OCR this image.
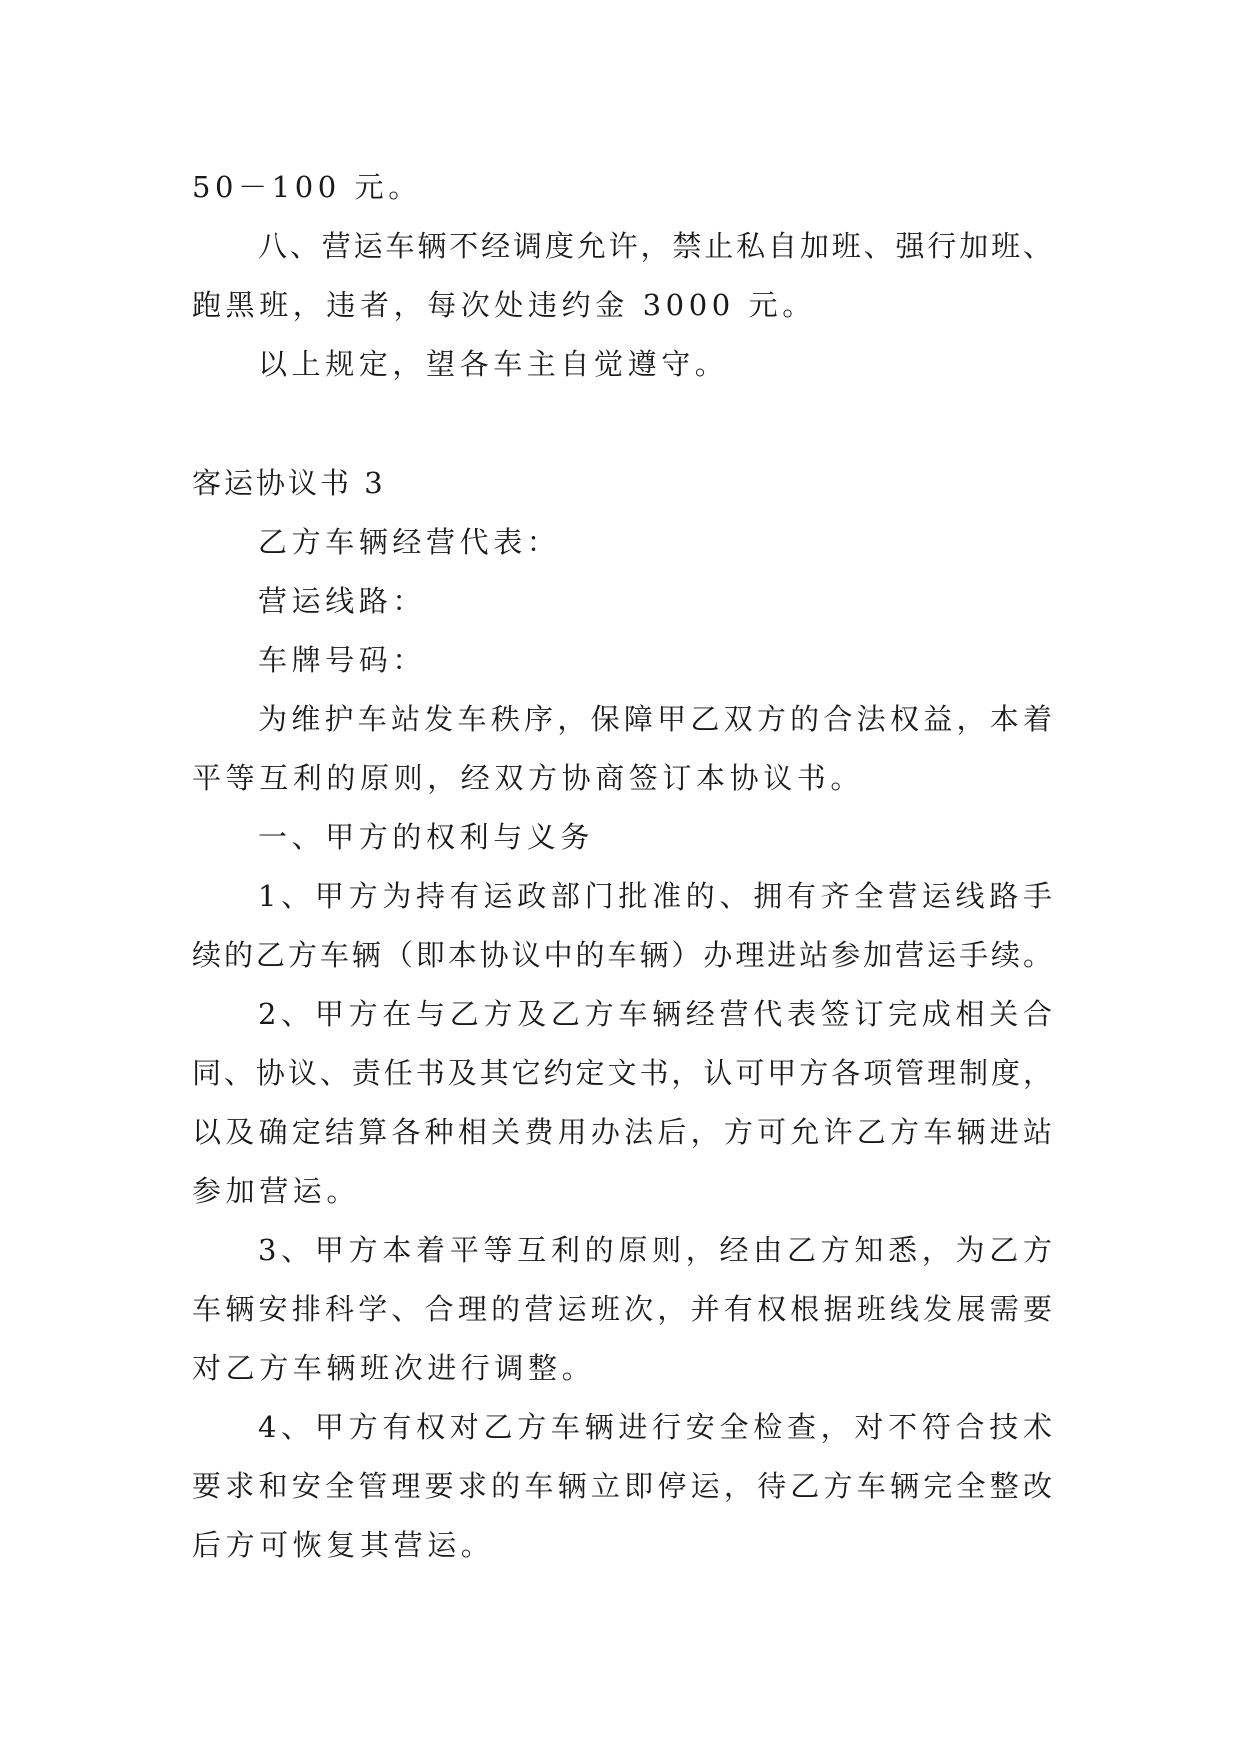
50－100 元。

八、营运车辆不经调度允许，禁止私自加班、强行加班、

跑黑班，违者，每次处违约金 3000 元。

以上规定，望各车主自觉遵守。

客运协议书 3

乙方车辆经营代表：

营运线路：

车牌号码：

为维护车站发车秩序，保障甲乙双方的合法权益，本着

平等互利的原则，经双方协商签订本协议书。

一、甲方的权利与义务

1、甲方为持有运政部门批准的、拥有齐全营运线路手

续的乙方车辆（即本协议中的车辆）办理进站参加营运手续。

2、甲方在与乙方及乙方车辆经营代表签订完成相关合

同、协议、责任书及其它约定文书，认可甲方各项管理制度，

以及确定结算各种相关费用办法后，方可允许乙方车辆进站

参加营运。

3、甲方本着平等互利的原则，经由乙方知悉，为乙方

车辆安排科学、合理的营运班次，并有权根据班线发展需要

对乙方车辆班次进行调整。

4、甲方有权对乙方车辆进行安全检查，对不符合技术

要求和安全管理要求的车辆立即停运，待乙方车辆完全整改

后方可恢复其营运。
